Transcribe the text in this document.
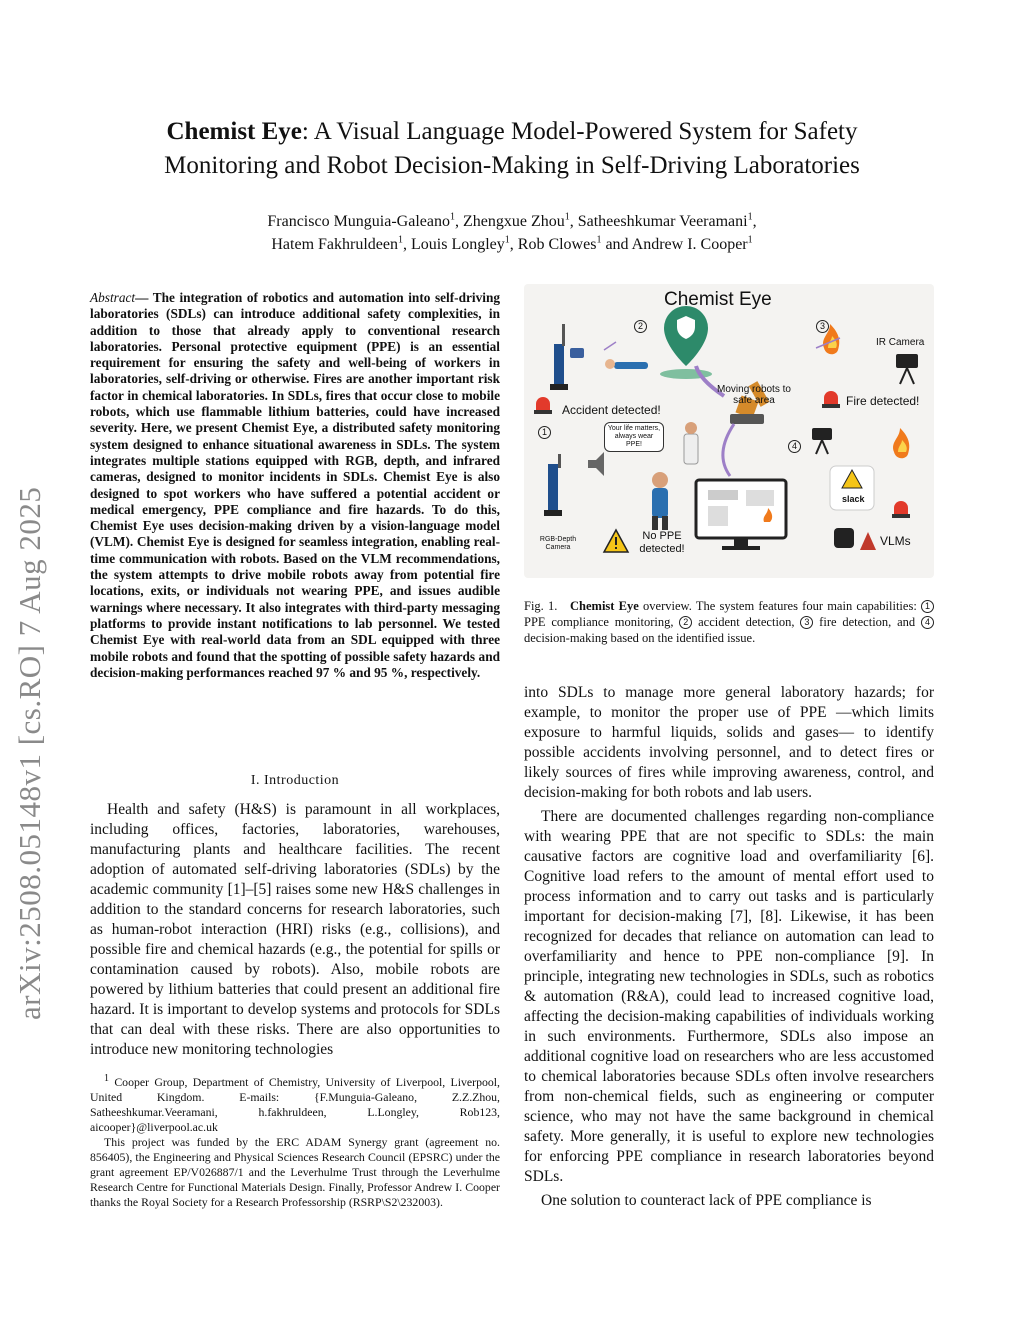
arXiv:2508.05148v1 [cs.RO] 7 Aug 2025
Chemist Eye: A Visual Language Model-Powered System for Safety
Monitoring and Robot Decision-Making in Self-Driving Laboratories
Francisco Munguia-Galeano$^1$, Zhengxue Zhou$^1$, Satheeshkumar Veeramani$^1$,
Hatem Fakhruldeen$^1$, Louis Longley$^1$, Rob Clowes$^1$ and Andrew I. Cooper$^1$
Abstract— The integration of robotics and automation into self-driving laboratories (SDLs) can introduce additional safety complexities, in addition to those that already apply to conventional research laboratories. Personal protective equipment (PPE) is an essential requirement for ensuring the safety and well-being of workers in laboratories, self-driving or otherwise. Fires are another important risk factor in chemical laboratories. In SDLs, fires that occur close to mobile robots, which use flammable lithium batteries, could have increased severity. Here, we present Chemist Eye, a distributed safety monitoring system designed to enhance situational awareness in SDLs. The system integrates multiple stations equipped with RGB, depth, and infrared cameras, designed to monitor incidents in SDLs. Chemist Eye is also designed to spot workers who have suffered a potential accident or medical emergency, PPE compliance and fire hazards. To do this, Chemist Eye uses decision-making driven by a vision-language model (VLM). Chemist Eye is designed for seamless integration, enabling real-time communication with robots. Based on the VLM recommendations, the system attempts to drive mobile robots away from potential fire locations, exits, or individuals not wearing PPE, and issues audible warnings where necessary. It also integrates with third-party messaging platforms to provide instant notifications to lab personnel. We tested Chemist Eye with real-world data from an SDL equipped with three mobile robots and found that the spotting of possible safety hazards and decision-making performances reached 97 % and 95 %, respectively.
I. Introduction

Health and safety (H&S) is paramount in all workplaces, including offices, factories, laboratories, warehouses, manufacturing plants and healthcare facilities. The recent adoption of automated self-driving laboratories (SDLs) by the academic community [1]–[5] raises some new H&S challenges in addition to the standard concerns for research laboratories, such as human-robot interaction (HRI) risks (e.g., collisions), and possible fire and chemical hazards (e.g., the potential for spills or contamination caused by robots). Also, mobile robots are powered by lithium batteries that could present an additional fire hazard. It is important to develop systems and protocols for SDLs that can deal with these risks. There are also opportunities to introduce new monitoring technologies

$^1$ Cooper Group, Department of Chemistry, University of Liverpool, Liverpool, United Kingdom. E-mails: {F.Munguia-Galeano, Z.Z.Zhou, Satheeshkumar.Veeramani, h.fakhruldeen, L.Longley, Rob123, aicooper}@liverpool.ac.uk

This project was funded by the ERC ADAM Synergy grant (agreement no. 856405), the Engineering and Physical Sciences Research Council (EPSRC) under the grant agreement EP/V026887/1 and the Leverhulme Trust through the Leverhulme Research Centre for Functional Materials Design. Finally, Professor Andrew I. Cooper thanks the Royal Society for a Research Professorship (RSRP\S2\232003).

Chemist Eye
2	3
1
4
IR Camera
Accident detected!
Fire detected!
Moving robots to safe area
Your life matters, always wear PPE!
RGB-Depth Camera
No PPE detected!
slack
VLMs
Fig. 1. Chemist Eye overview. The system features four main capabilities: 1 PPE compliance monitoring, 2 accident detection, 3 fire detection, and 4 decision-making based on the identified issue.

into SDLs to manage more general laboratory hazards; for example, to monitor the proper use of PPE —which limits exposure to harmful liquids, solids and gases— to identify possible accidents involving personnel, and to detect fires or likely sources of fires while improving awareness, control, and decision-making for both robots and lab users.

There are documented challenges regarding non-compliance with wearing PPE that are not specific to SDLs: the main causative factors are cognitive load and overfamiliarity [6]. Cognitive load refers to the amount of mental effort used to process information and to carry out tasks and is particularly important for decision-making [7], [8]. Likewise, it has been recognized for decades that reliance on automation can lead to overfamiliarity and hence to PPE non-compliance [9]. In principle, integrating new technologies in SDLs, such as robotics & automation (R&A), could lead to increased cognitive load, affecting the decision-making capabilities of individuals working in such environments. Furthermore, SDLs also impose an additional cognitive load on researchers who are less accustomed to chemical laboratories because SDLs often involve researchers from non-chemical fields, such as engineering or computer science, who may not have the same background in chemical safety. More generally, it is useful to explore new technologies for enforcing PPE compliance in research laboratories beyond SDLs.

One solution to counteract lack of PPE compliance is
